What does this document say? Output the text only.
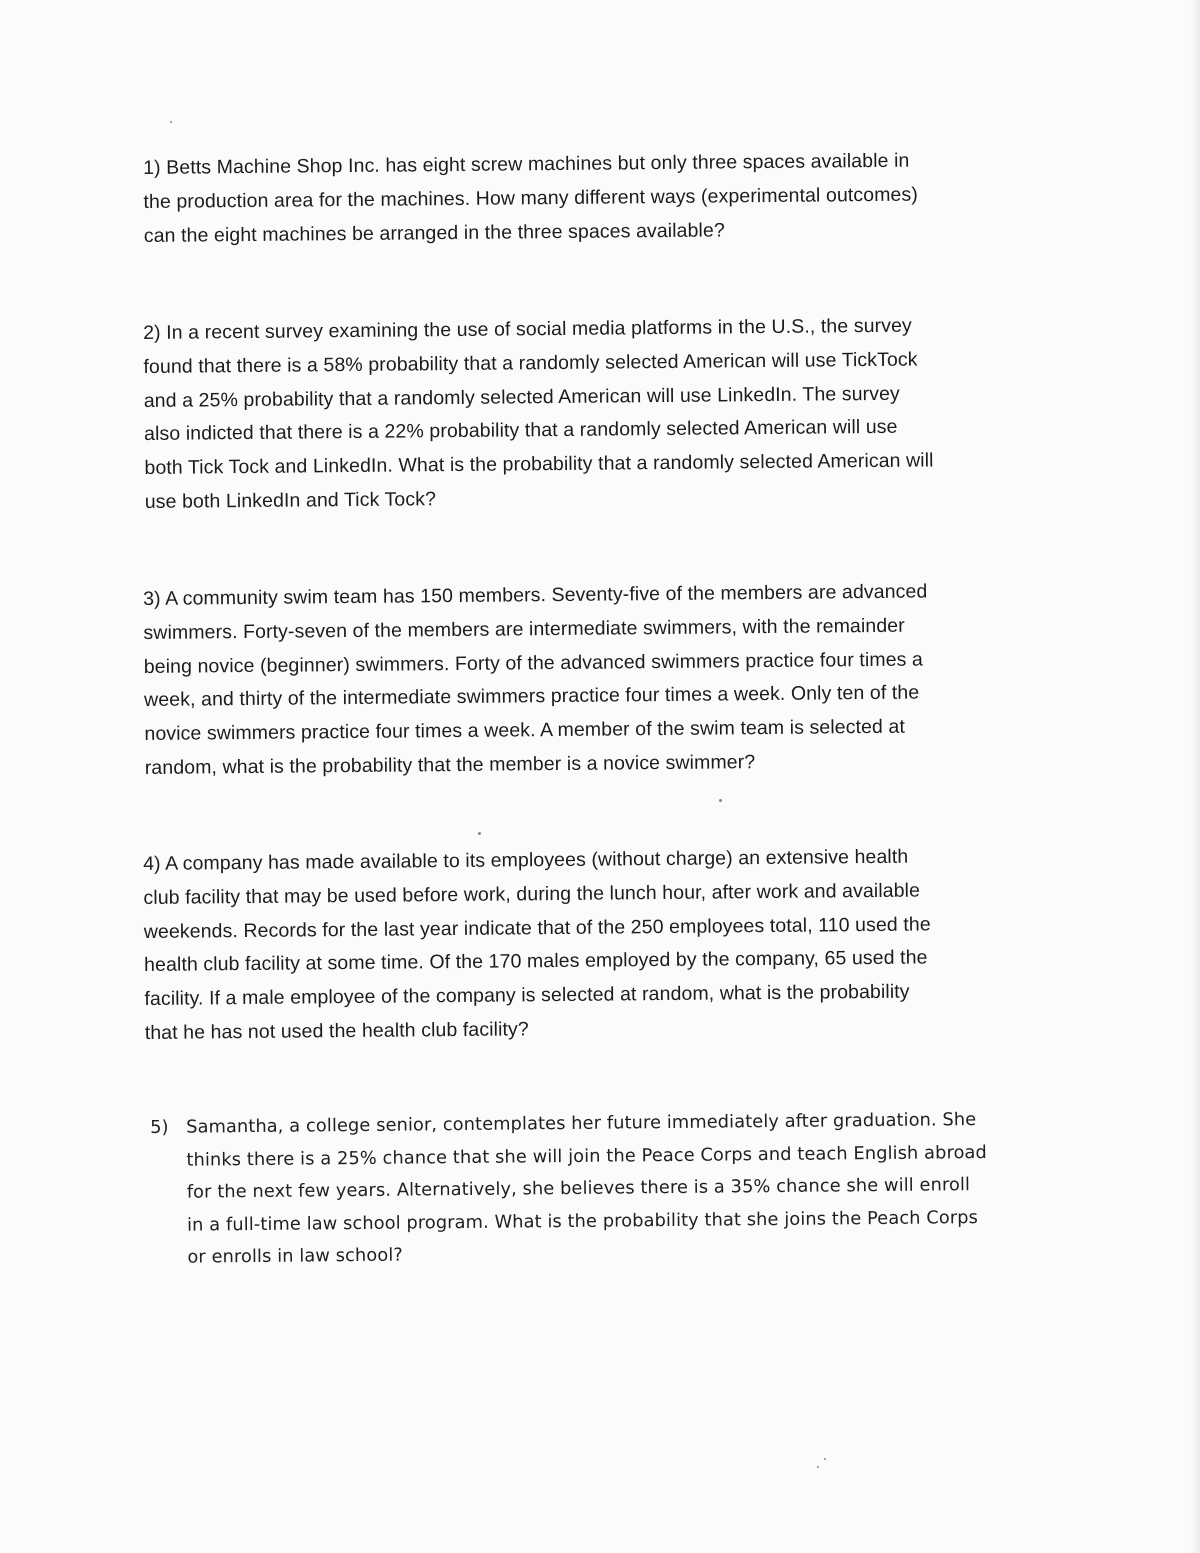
1) Betts Machine Shop Inc. has eight screw machines but only three spaces available in
the production area for the machines. How many different ways (experimental outcomes)
can the eight machines be arranged in the three spaces available?
2) In a recent survey examining the use of social media platforms in the U.S., the survey
found that there is a 58% probability that a randomly selected American will use TickTock
and a 25% probability that a randomly selected American will use LinkedIn. The survey
also indicted that there is a 22% probability that a randomly selected American will use
both Tick Tock and LinkedIn. What is the probability that a randomly selected American will
use both LinkedIn and Tick Tock?
3) A community swim team has 150 members. Seventy-five of the members are advanced
swimmers. Forty-seven of the members are intermediate swimmers, with the remainder
being novice (beginner) swimmers. Forty of the advanced swimmers practice four times a
week, and thirty of the intermediate swimmers practice four times a week. Only ten of the
novice swimmers practice four times a week. A member of the swim team is selected at
random, what is the probability that the member is a novice swimmer?
4) A company has made available to its employees (without charge) an extensive health
club facility that may be used before work, during the lunch hour, after work and available
weekends. Records for the last year indicate that of the 250 employees total, 110 used the
health club facility at some time. Of the 170 males employed by the company, 65 used the
facility. If a male employee of the company is selected at random, what is the probability
that he has not used the health club facility?
5) Samantha, a college senior, contemplates her future immediately after graduation. She
thinks there is a 25% chance that she will join the Peace Corps and teach English abroad
for the next few years. Alternatively, she believes there is a 35% chance she will enroll
in a full-time law school program. What is the probability that she joins the Peach Corps
or enrolls in law school?
